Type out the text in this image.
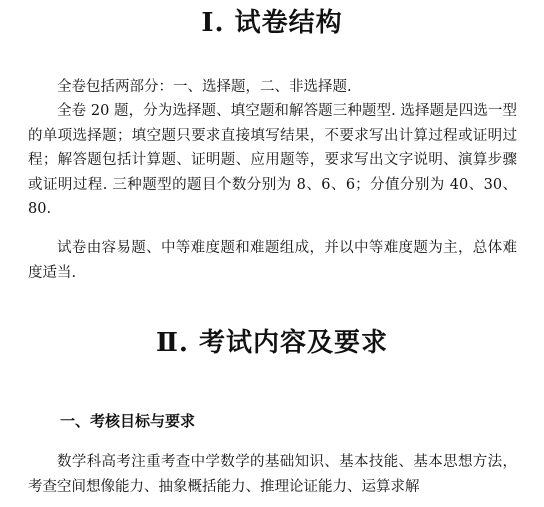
Ⅰ. 试卷结构

全卷包括两部分：一、选择题，二、非选择题.

全卷 20 题，分为选择题、填空题和解答题三种题型. 选择题是四选一型的单项选择题；填空题只要求直接填写结果，不要求写出计算过程或证明过程；解答题包括计算题、证明题、应用题等，要求写出文字说明、演算步骤或证明过程. 三种题型的题目个数分别为 8、6、6；分值分别为 40、30、80.

试卷由容易题、中等难度题和难题组成，并以中等难度题为主，总体难度适当.

Ⅱ. 考试内容及要求
一、考核目标与要求

数学科高考注重考查中学数学的基础知识、基本技能、基本思想方法，考查空间想像能力、抽象概括能力、推理论证能力、运算求解
